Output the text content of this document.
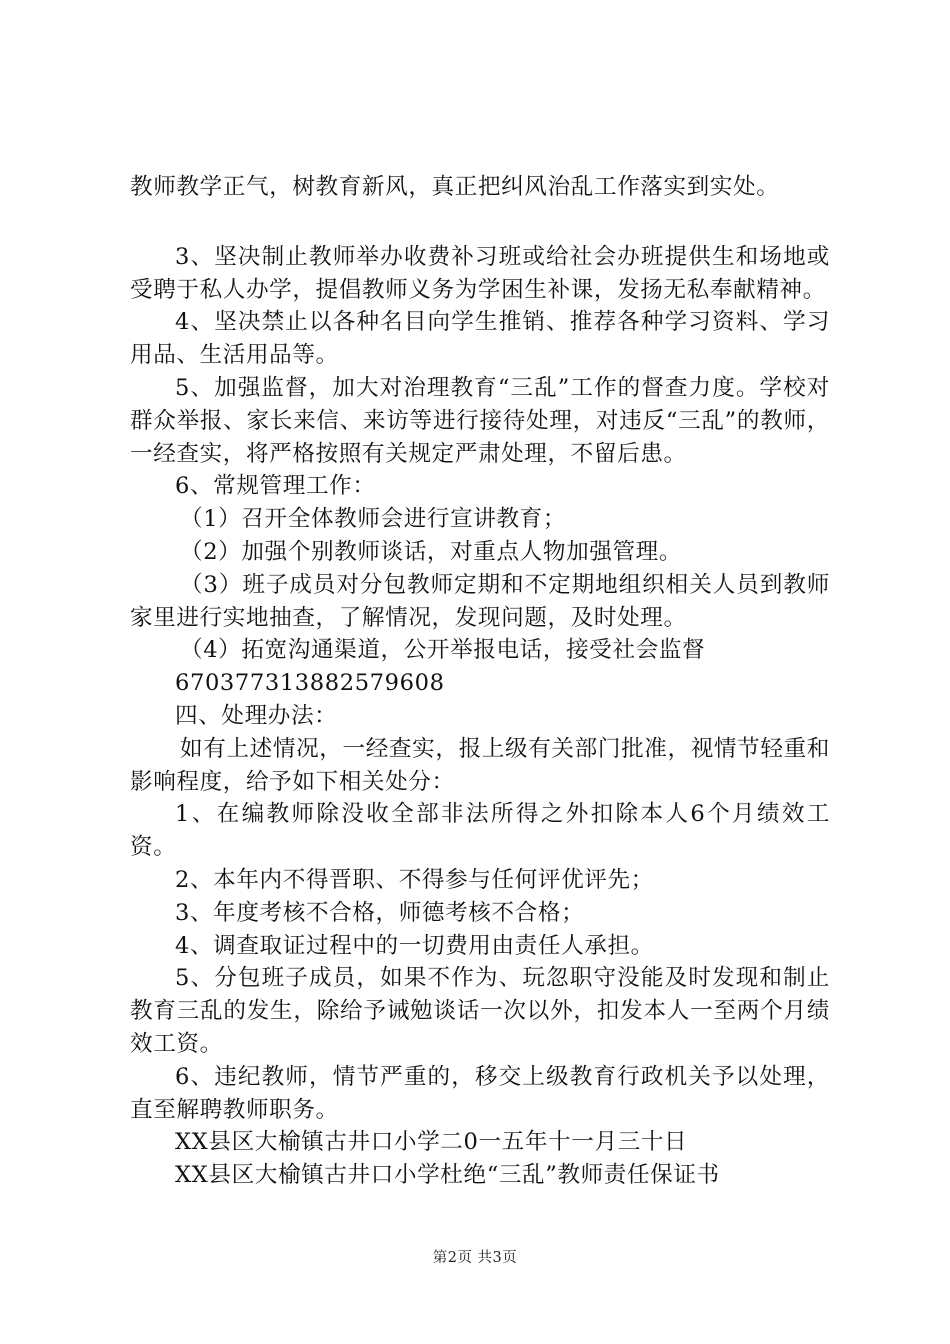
教师教学正气，树教育新风，真正把纠风治乱工作落实到实处。

3、坚决制止教师举办收费补习班或给社会办班提供生和场地或受聘于私人办学，提倡教师义务为学困生补课，发扬无私奉献精神。

4、坚决禁止以各种名目向学生推销、推荐各种学习资料、学习用品、生活用品等。

5、加强监督，加大对治理教育“三乱”工作的督查力度。学校对群众举报、家长来信、来访等进行接待处理，对违反“三乱”的教师，一经查实，将严格按照有关规定严肃处理，不留后患。

6、常规管理工作：

（1）召开全体教师会进行宣讲教育；

（2）加强个别教师谈话，对重点人物加强管理。

（3）班子成员对分包教师定期和不定期地组织相关人员到教师家里进行实地抽查，了解情况，发现问题，及时处理。

（4）拓宽沟通渠道，公开举报电话，接受社会监督

670377313882579608

四、处理办法：

如有上述情况，一经查实，报上级有关部门批准，视情节轻重和影响程度，给予如下相关处分：

1、在编教师除没收全部非法所得之外扣除本人6个月绩效工资。

2、本年内不得晋职、不得参与任何评优评先；

3、年度考核不合格，师德考核不合格；

4、调查取证过程中的一切费用由责任人承担。

5、分包班子成员，如果不作为、玩忽职守没能及时发现和制止教育三乱的发生，除给予诫勉谈话一次以外，扣发本人一至两个月绩效工资。

6、违纪教师，情节严重的，移交上级教育行政机关予以处理，直至解聘教师职务。

XX县区大榆镇古井口小学二0一五年十一月三十日

XX县区大榆镇古井口小学杜绝“三乱”教师责任保证书

第2页 共3页
